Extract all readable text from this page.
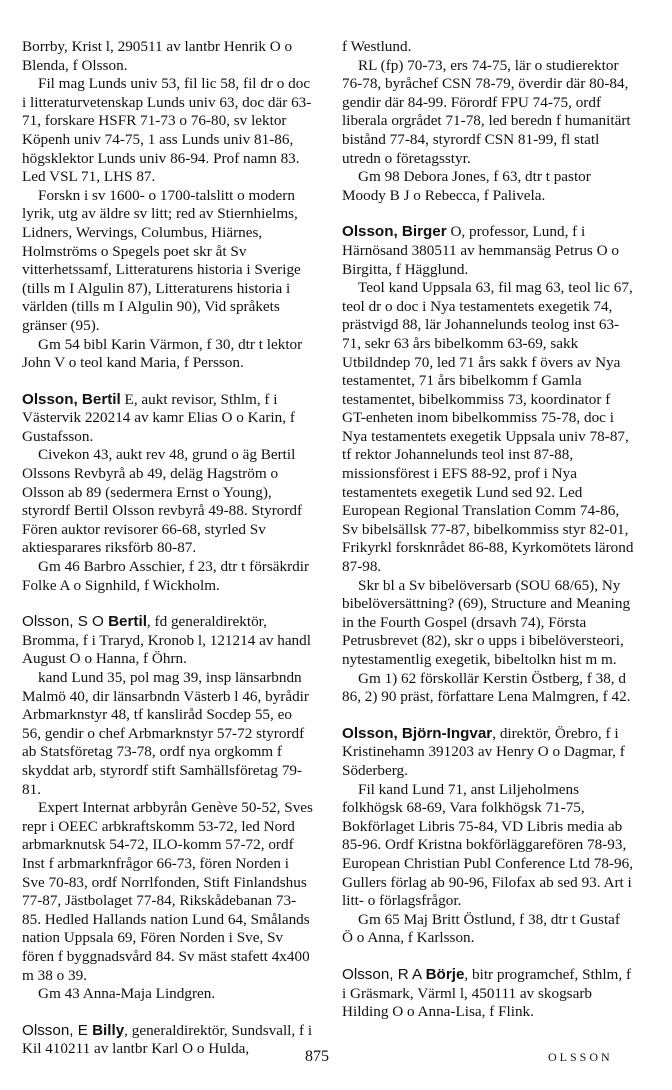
Borrby, Krist l, 290511 av lantbr Henrik O o Blenda, f Olsson.
Fil mag Lunds univ 53, fil lic 58, fil dr o doc i litteraturvetenskap Lunds univ 63, doc där 63-71, forskare HSFR 71-73 o 76-80, sv lektor Köpenh univ 74-75, 1 ass Lunds univ 81-86, högsklektor Lunds univ 86-94. Prof namn 83. Led VSL 71, LHS 87.
Forskn i sv 1600- o 1700-talslitt o modern lyrik, utg av äldre sv litt; red av Stiernhielms, Lidners, Wervings, Columbus, Hiärnes, Holmströms o Spegels poet skr åt Sv vitterhetssamf, Litteraturens historia i Sverige (tills m I Algulin 87), Litteraturens historia i världen (tills m I Algulin 90), Vid språkets gränser (95).
Gm 54 bibl Karin Värmon, f 30, dtr t lektor John V o teol kand Maria, f Persson.
Olsson, Bertil E, aukt revisor, Sthlm, f i Västervik 220214 av kamr Elias O o Karin, f Gustafsson.
Civekon 43, aukt rev 48, grund o äg Bertil Olssons Revbyrå ab 49, deläg Hagström o Olsson ab 89 (sedermera Ernst o Young), styrordf Bertil Olsson revbyrå 49-88. Styrordf Fören auktor revisorer 66-68, styrled Sv aktiesparares riksförb 80-87.
Gm 46 Barbro Asschier, f 23, dtr t försäkrdir Folke A o Signhild, f Wickholm.
Olsson, S O Bertil, fd generaldirektör, Bromma, f i Traryd, Kronob l, 121214 av handl August O o Hanna, f Öhrn.
kand Lund 35, pol mag 39, insp länsarbndn Malmö 40, dir länsarbndn Västerb l 46, byrådir Arbmarknstyr 48, tf kansliråd Socdep 55, eo 56, gendir o chef Arbmarknstyr 57-72 styrordf ab Statsföretag 73-78, ordf nya orgkomm f skyddat arb, styrordf stift Samhällsföretag 79-81.
Expert Internat arbbyrån Genève 50-52, Sves repr i OEEC arbkraftskomm 53-72, led Nord arbmarknutsk 54-72, ILO-komm 57-72, ordf Inst f arbmarknfrågor 66-73, fören Norden i Sve 70-83, ordf Norrlfonden, Stift Finlandshus 77-87, Jästbolaget 77-84, Rikskådebanan 73-85. Hedled Hallands nation Lund 64, Smålands nation Uppsala 69, Fören Norden i Sve, Sv fören f byggnadsvård 84. Sv mäst stafett 4x400 m 38 o 39.
Gm 43 Anna-Maja Lindgren.
Olsson, E Billy, generaldirektör, Sundsvall, f i Kil 410211 av lantbr Karl O o Hulda,
f Westlund.
RL (fp) 70-73, ers 74-75, lär o studierektor 76-78, byråchef CSN 78-79, överdir där 80-84, gendir där 84-99. Förordf FPU 74-75, ordf liberala orgrådet 71-78, led beredn f humanitärt bistånd 77-84, styrordf CSN 81-99, fl statl utredn o företagsstyr.
Gm 98 Debora Jones, f 63, dtr t pastor Moody B J o Rebecca, f Palivela.
Olsson, Birger O, professor, Lund, f i Härnösand 380511 av hemmansäg Petrus O o Birgitta, f Hägglund.
Teol kand Uppsala 63, fil mag 63, teol lic 67, teol dr o doc i Nya testamentets exegetik 74, prästvigd 88, lär Johannelunds teolog inst 63-71, sekr 63 års bibelkomm 63-69, sakk Utbildndep 70, led 71 års sakk f övers av Nya testamentet, 71 års bibelkomm f Gamla testamentet, bibelkommiss 73, koordinator f GT-enheten inom bibelkommiss 75-78, doc i Nya testamentets exegetik Uppsala univ 78-87, tf rektor Johannelunds teol inst 87-88, missionsförest i EFS 88-92, prof i Nya testamentets exegetik Lund sed 92. Led European Regional Translation Comm 74-86, Sv bibelsällsk 77-87, bibelkommiss styr 82-01, Frikyrkl forsknrådet 86-88, Kyrkomötets lärond 87-98.
Skr bl a Sv bibelöversarb (SOU 68/65), Ny bibelöversättning? (69), Structure and Meaning in the Fourth Gospel (drsavh 74), Första Petrusbrevet (82), skr o upps i bibelöversteori, nytestamentlig exegetik, bibeltolkn hist m m.
Gm 1) 62 förskollär Kerstin Östberg, f 38, d 86, 2) 90 präst, författare Lena Malmgren, f 42.
Olsson, Björn-Ingvar, direktör, Örebro, f i Kristinehamn 391203 av Henry O o Dagmar, f Söderberg.
Fil kand Lund 71, anst Liljeholmens folkhögsk 68-69, Vara folkhögsk 71-75, Bokförlaget Libris 75-84, VD Libris media ab 85-96. Ordf Kristna bokförläggarefören 78-93, European Christian Publ Conference Ltd 78-96, Gullers förlag ab 90-96, Filofax ab sed 93. Art i litt- o förlagsfrågor.
Gm 65 Maj Britt Östlund, f 38, dtr t Gustaf Ö o Anna, f Karlsson.
Olsson, R A Börje, bitr programchef, Sthlm, f i Gräsmark, Värml l, 450111 av skogsarb Hilding O o Anna-Lisa, f Flink.
875	OLSSON
